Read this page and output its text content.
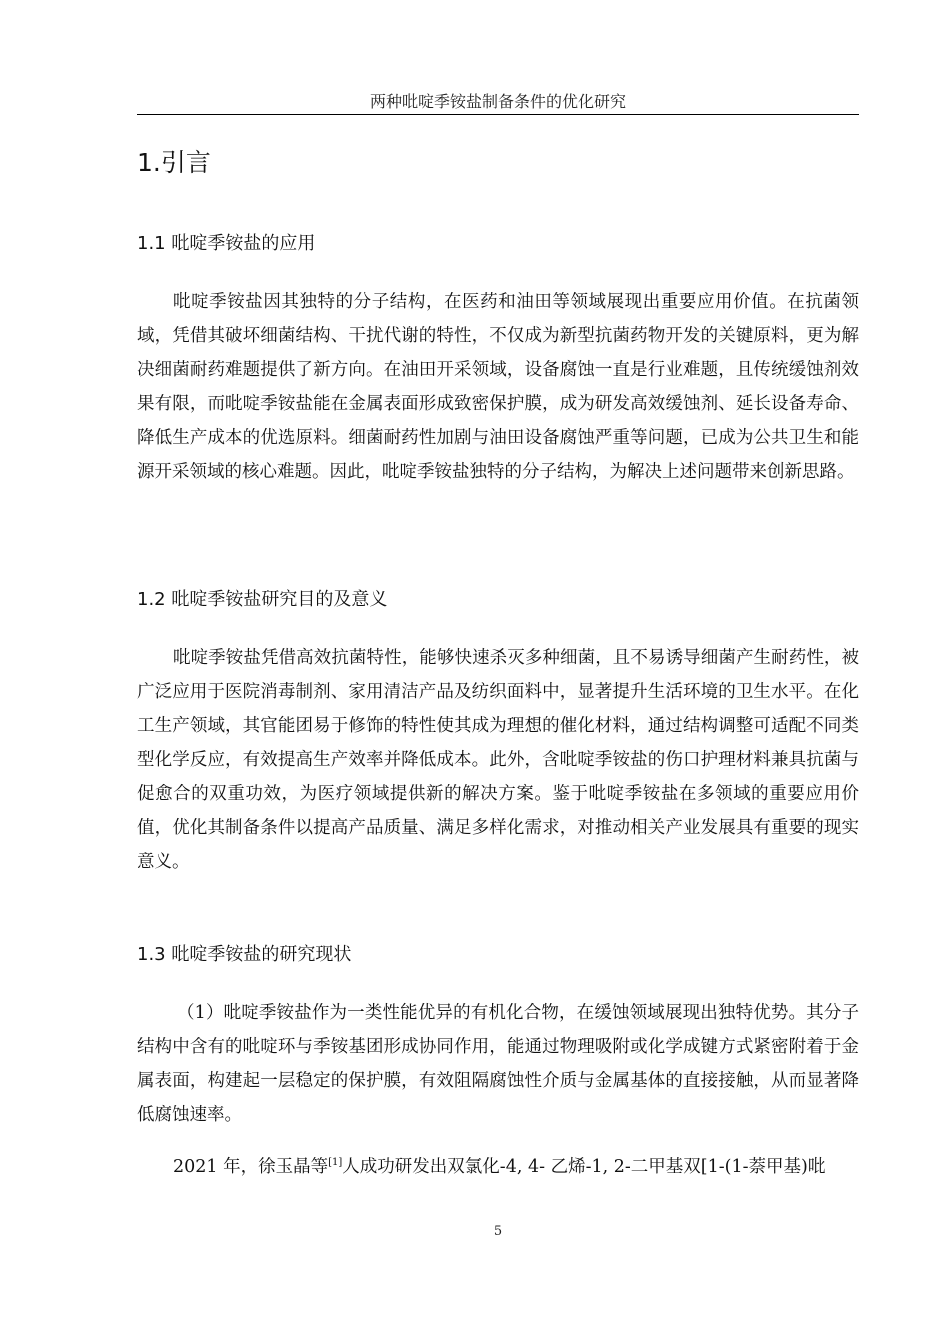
两种吡啶季铵盐制备条件的优化研究
1.引言
1.1 吡啶季铵盐的应用

吡啶季铵盐因其独特的分子结构，在医药和油田等领域展现出重要应用价值。在抗菌领域，凭借其破坏细菌结构、干扰代谢的特性，不仅成为新型抗菌药物开发的关键原料，更为解决细菌耐药难题提供了新方向。在油田开采领域，设备腐蚀一直是行业难题，且传统缓蚀剂效果有限，而吡啶季铵盐能在金属表面形成致密保护膜，成为研发高效缓蚀剂、延长设备寿命、降低生产成本的优选原料。细菌耐药性加剧与油田设备腐蚀严重等问题，已成为公共卫生和能源开采领域的核心难题。因此，吡啶季铵盐独特的分子结构，为解决上述问题带来创新思路。

1.2 吡啶季铵盐研究目的及意义

吡啶季铵盐凭借高效抗菌特性，能够快速杀灭多种细菌，且不易诱导细菌产生耐药性，被广泛应用于医院消毒制剂、家用清洁产品及纺织面料中，显著提升生活环境的卫生水平。在化工生产领域，其官能团易于修饰的特性使其成为理想的催化材料，通过结构调整可适配不同类型化学反应，有效提高生产效率并降低成本。此外，含吡啶季铵盐的伤口护理材料兼具抗菌与促愈合的双重功效，为医疗领域提供新的解决方案。鉴于吡啶季铵盐在多领域的重要应用价值，优化其制备条件以提高产品质量、满足多样化需求，对推动相关产业发展具有重要的现实意义。

1.3 吡啶季铵盐的研究现状

（1）吡啶季铵盐作为一类性能优异的有机化合物，在缓蚀领域展现出独特优势。其分子结构中含有的吡啶环与季铵基团形成协同作用，能通过物理吸附或化学成键方式紧密附着于金属表面，构建起一层稳定的保护膜，有效阻隔腐蚀性介质与金属基体的直接接触，从而显著降低腐蚀速率。

2021 年，徐玉晶等[1]人成功研发出双氯化-4, 4- 乙烯-1, 2-二甲基双[1-(1-萘甲基)吡

5
